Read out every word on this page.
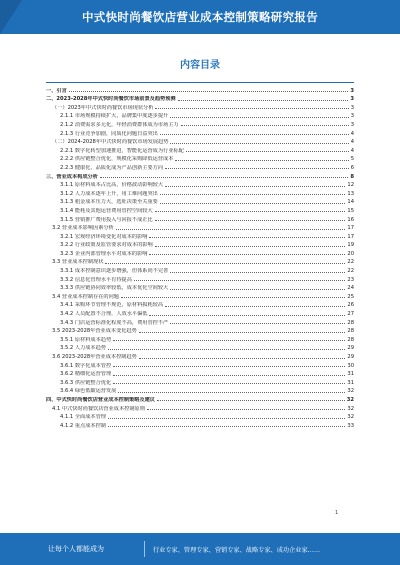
中式快时尚餐饮店营业成本控制策略研究报告
内容目录
一、引言	3
二、2023-2028年中式快时尚餐饮市场前景及趋势预测	3
（一）2023年中式快时尚餐饮市场现状分析	3
2.1.1 市场规模持续扩大，品牌集中度逐步提升	3
2.1.2 消费需求多元化，年轻消费群体成为市场主力	3
2.1.3 行业竞争加剧，同质化问题日益突出	4
（二）2024-2028年中式快时尚餐饮市场发展趋势	4
2.2.1 数字化转型加速推进，智能化运营成为行业标配	4
2.2.2 供应链整合优化，规模化采购降低运营成本	5
2.2.3 健康化、品质化成为产品创新主要方向	6
三、营业成本构成分析	8
3.1.1 原材料成本占比高，价格波动影响较大	12
3.1.2 人力成本逐年上升，用工难问题突出	13
3.1.3 租金成本压力大，选址决策至关重要	14
3.1.4 能耗及其他运营费用管控空间较大	15
3.1.5 营销推广费用投入与回报不成正比	16
3.2 营业成本影响因素分析	17
3.2.1 宏观经济环境变化对成本的影响	17
3.2.2 行业政策及监管要求对成本的影响	19
3.2.3 企业内部管理水平对成本的影响	20
3.3 营业成本控制现状	22
3.3.1 成本控制意识逐步增强，但体系尚不完善	22
3.3.2 信息化管理水平有待提高	23
3.3.3 供应链协同效率较低，成本优化空间较大	24
3.4 营业成本控制存在的问题	25
3.4.1 采购环节管理不规范，原材料损耗较高	26
3.4.2 人员配置不合理，人效水平偏低	27
3.4.3 门店运营标准化程度不高，费用管控不严	28
3.5 2023-2028年营业成本变化趋势	28
3.5.1 原材料成本趋势	28
3.5.2 人力成本趋势	29
3.6 2023-2028年营业成本控制趋势	29
3.6.1 数字化成本管控	30
3.6.2 精细化运营管理	31
3.6.3 供应链整合优化	31
3.6.4 绿色低碳运营发展	32
四、中式快时尚餐饮店营业成本控制策略及建议	32
4.1 中式快时尚餐饮店营业成本控制原则	32
4.1.1 全面成本管理	32
4.1.2 重点成本控制	33
1
让每个人都能成为	行业专家、管理专家、营销专家、战略专家、成功企业家……
